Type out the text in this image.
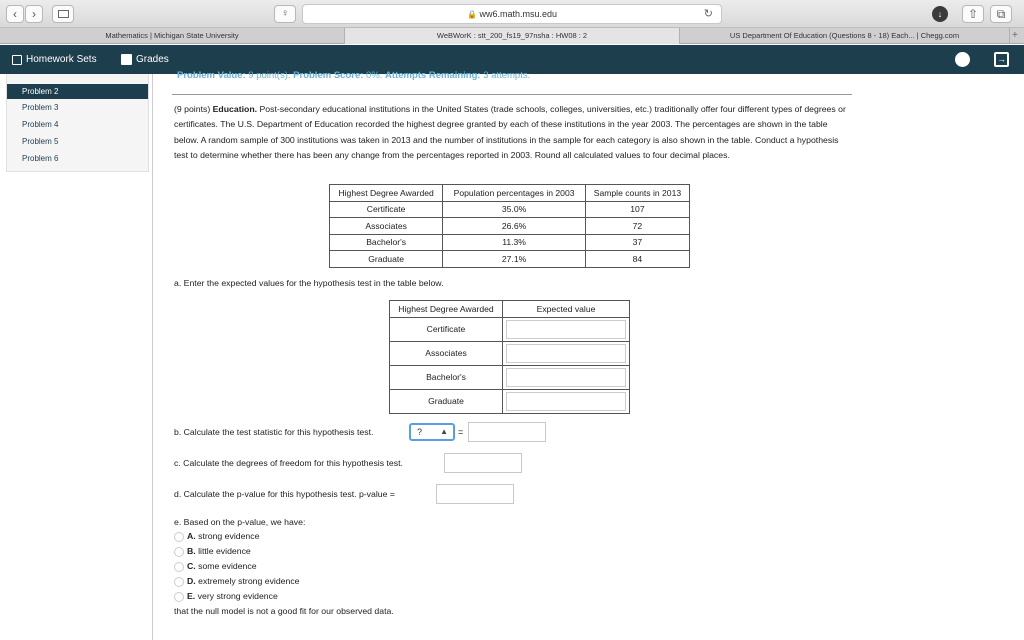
‹	›	♀	🔒 ww6.math.msu.edu	↻	↓	⇧	⧉
Mathematics | Michigan State University	WeBWorK : stt_200_fs19_97nsha : HW08 : 2	US Department Of Education (Questions 8 - 18) Each... | Chegg.com	+
Homework Sets	Grades	→
Problem 1
Problem 2
Problem 3
Problem 4
Problem 5
Problem 6
Problem Value: 9 point(s). Problem Score: 0%. Attempts Remaining: 3 attempts.
(9 points) Education. Post-secondary educational institutions in the United States (trade schools, colleges, universities, etc.) traditionally offer four different types of degrees or certificates. The U.S. Department of Education recorded the highest degree granted by each of these institutions in the year 2003. The percentages are shown in the table below. A random sample of 300 institutions was taken in 2013 and the number of institutions in the sample for each category is also shown in the table. Conduct a hypothesis test to determine whether there has been any change from the percentages reported in 2003. Round all calculated values to four decimal places.
Highest Degree Awarded	Population percentages in 2003	Sample counts in 2013
Certificate	35.0%	107
Associates	26.6%	72
Bachelor's	11.3%	37
Graduate	27.1%	84
a. Enter the expected values for the hypothesis test in the table below.
Highest Degree Awarded	Expected value
Certificate	

Associates	

Bachelor's	

Graduate	
b. Calculate the test statistic for this hypothesis test.	? ▲ =
c. Calculate the degrees of freedom for this hypothesis test.
d. Calculate the p-value for this hypothesis test. p-value =
e. Based on the p-value, we have:
A. strong evidence
B. little evidence
C. some evidence
D. extremely strong evidence
E. very strong evidence
that the null model is not a good fit for our observed data.
